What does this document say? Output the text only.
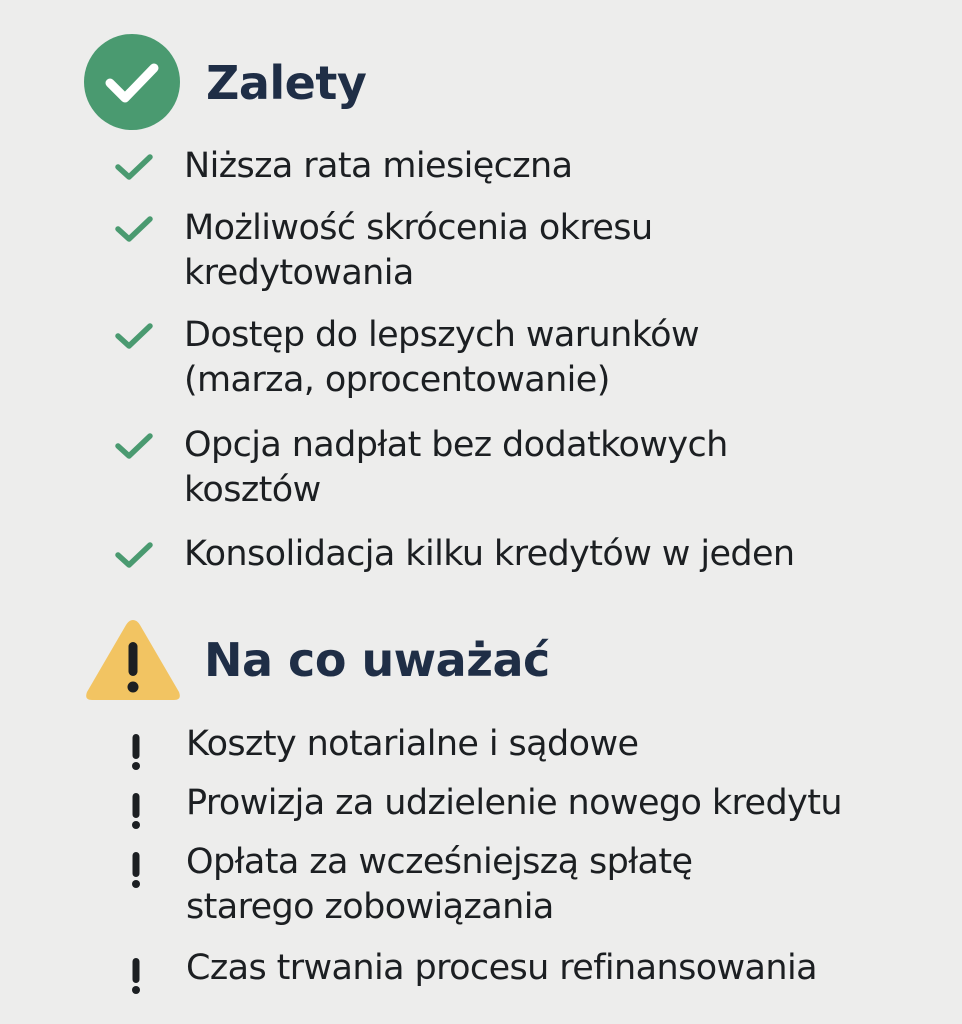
Zalety
Niższa rata miesięczna
Możliwość skrócenia okresu
kredytowania
Dostęp do lepszych warunków
(marza, oprocentowanie)
Opcja nadpłat bez dodatkowych
kosztów
Konsolidacja kilku kredytów w jeden
Na co uważać
Koszty notarialne i sądowe
Prowizja za udzielenie nowego kredytu
Opłata za wcześniejszą spłatę
starego zobowiązania
Czas trwania procesu refinansowania
